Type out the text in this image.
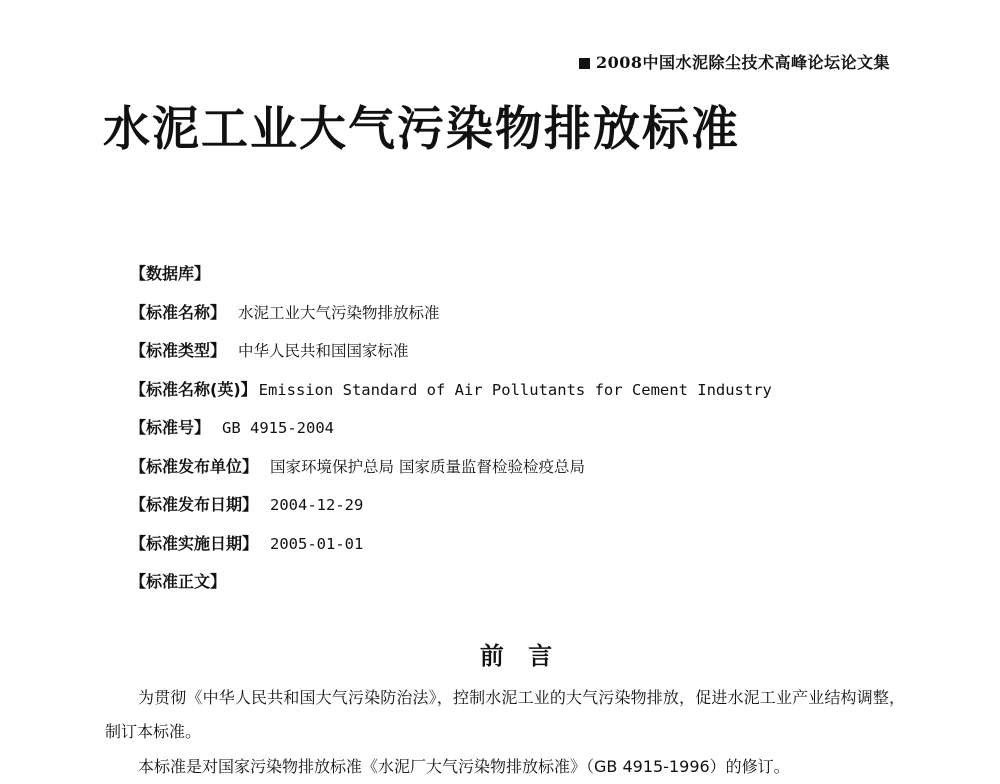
2008中国水泥除尘技术高峰论坛论文集
水泥工业大气污染物排放标准
【数据库】
【标准名称】 水泥工业大气污染物排放标准
【标准类型】 中华人民共和国国家标准
【标准名称(英)】 Emission Standard of Air Pollutants for Cement Industry
【标准号】 GB 4915-2004
【标准发布单位】 国家环境保护总局 国家质量监督检验检疫总局
【标准发布日期】 2004-12-29
【标准实施日期】 2005-01-01
【标准正文】
前 言

为贯彻《中华人民共和国大气污染防治法》，控制水泥工业的大气污染物排放，促进水泥工业产业结构调整，制订本标准。

本标准是对国家污染物排放标准《水泥厂大气污染物排放标准》（GB 4915-1996）的修订。
